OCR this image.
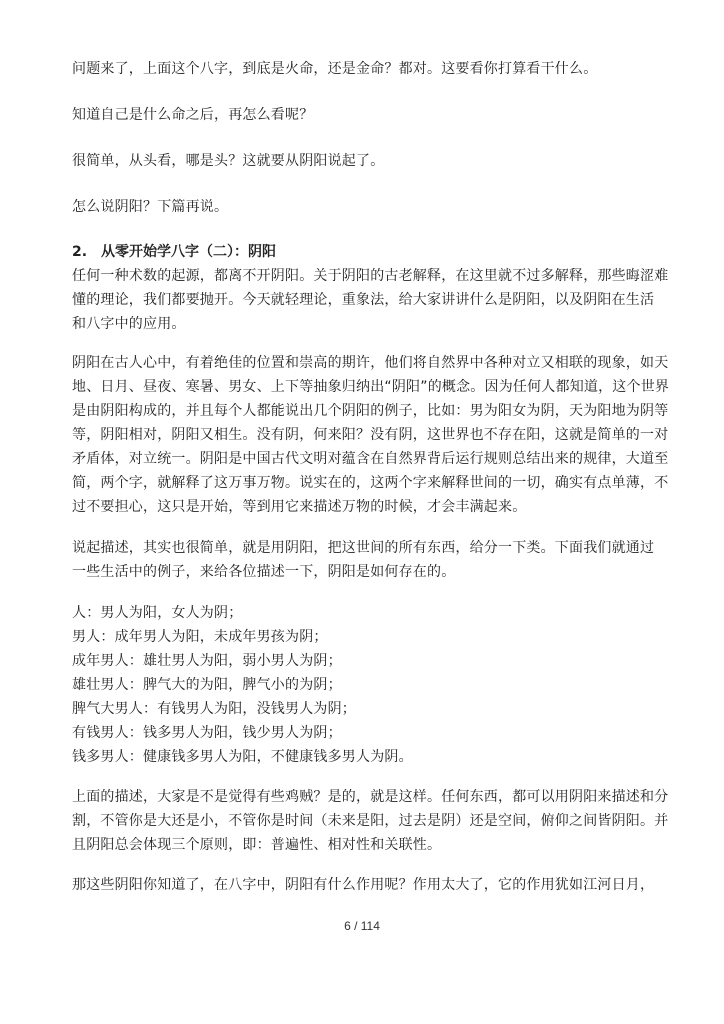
问题来了，上面这个八字，到底是火命，还是金命？都对。这要看你打算看干什么。
知道自己是什么命之后，再怎么看呢？
很简单，从头看，哪是头？这就要从阴阳说起了。
怎么说阴阳？下篇再说。
2.　从零开始学八字（二）：阴阳
任何一种术数的起源，都离不开阴阳。关于阴阳的古老解释，在这里就不过多解释，那些晦涩难
懂的理论，我们都要抛开。今天就轻理论，重象法，给大家讲讲什么是阴阳，以及阴阳在生活
和八字中的应用。
阴阳在古人心中，有着绝佳的位置和崇高的期许，他们将自然界中各种对立又相联的现象，如天
地、日月、昼夜、寒暑、男女、上下等抽象归纳出“阴阳”的概念。因为任何人都知道，这个世界
是由阴阳构成的，并且每个人都能说出几个阴阳的例子，比如：男为阳女为阴，天为阳地为阴等
等，阴阳相对，阴阳又相生。没有阴，何来阳？没有阴，这世界也不存在阳，这就是简单的一对
矛盾体，对立统一。阴阳是中国古代文明对蕴含在自然界背后运行规则总结出来的规律，大道至
简，两个字，就解释了这万事万物。说实在的，这两个字来解释世间的一切，确实有点单薄，不
过不要担心，这只是开始，等到用它来描述万物的时候，才会丰满起来。
说起描述，其实也很简单，就是用阴阳，把这世间的所有东西，给分一下类。下面我们就通过
一些生活中的例子，来给各位描述一下，阴阳是如何存在的。
人：男人为阳，女人为阴；
男人：成年男人为阳，未成年男孩为阴；
成年男人：雄壮男人为阳，弱小男人为阴；
雄壮男人：脾气大的为阳，脾气小的为阴；
脾气大男人：有钱男人为阳，没钱男人为阴；
有钱男人：钱多男人为阳，钱少男人为阴；
钱多男人：健康钱多男人为阳，不健康钱多男人为阴。
上面的描述，大家是不是觉得有些鸡贼？是的，就是这样。任何东西，都可以用阴阳来描述和分
割，不管你是大还是小，不管你是时间（未来是阳，过去是阴）还是空间，俯仰之间皆阴阳。并
且阴阳总会体现三个原则，即：普遍性、相对性和关联性。
那这些阴阳你知道了，在八字中，阴阳有什么作用呢？作用太大了，它的作用犹如江河日月，
6 / 114
